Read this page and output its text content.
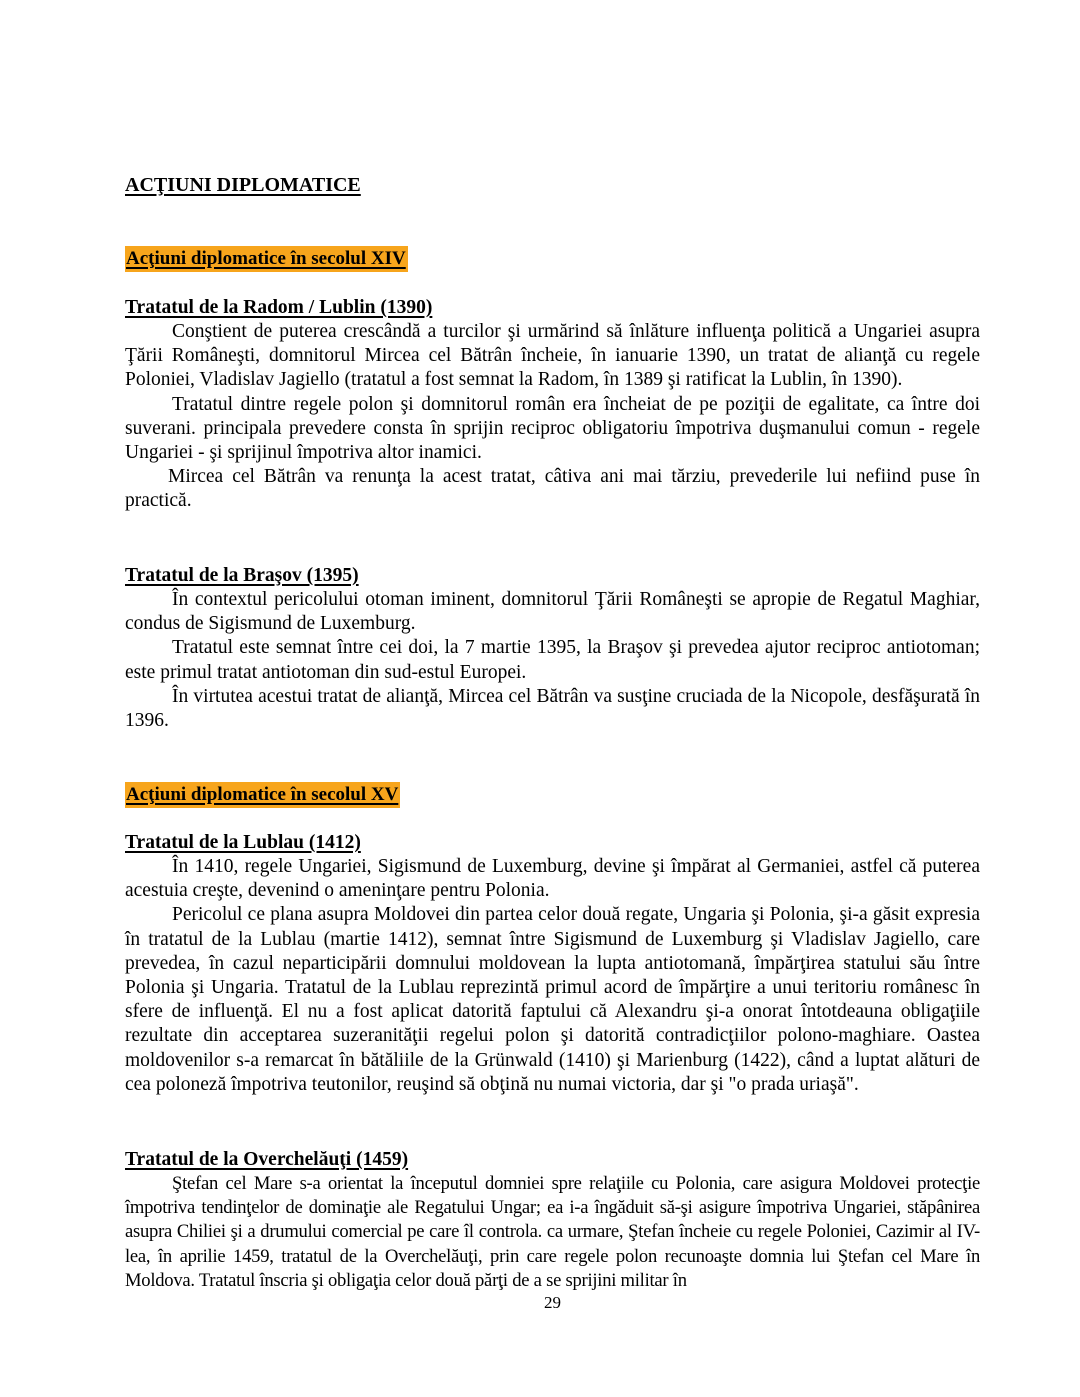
ACŢIUNI DIPLOMATICE
Acţiuni diplomatice în secolul XIV
Tratatul de la Radom / Lublin (1390)

Conştient de puterea crescândă a turcilor şi urmărind să înlăture influenţa politică a Ungariei asupra Ţării Româneşti, domnitorul Mircea cel Bătrân încheie, în ianuarie 1390, un tratat de alianţă cu regele Poloniei, Vladislav Jagiello (tratatul a fost semnat la Radom, în 1389 şi ratificat la Lublin, în 1390).

Tratatul dintre regele polon şi domnitorul român era încheiat de pe poziţii de egalitate, ca între doi suverani. principala prevedere consta în sprijin reciproc obligatoriu împotriva duşmanului comun - regele Ungariei - şi sprijinul împotriva altor inamici.

Mircea cel Bătrân va renunţa la acest tratat, câtiva ani mai tărziu, prevederile lui nefiind puse în practică.

Tratatul de la Braşov (1395)

În contextul pericolului otoman iminent, domnitorul Ţării Româneşti se apropie de Regatul Maghiar, condus de Sigismund de Luxemburg.

Tratatul este semnat între cei doi, la 7 martie 1395, la Braşov şi prevedea ajutor reciproc antiotoman; este primul tratat antiotoman din sud-estul Europei.

În virtutea acestui tratat de alianţă, Mircea cel Bătrân va susţine cruciada de la Nicopole, desfăşurată în 1396.

Acţiuni diplomatice în secolul XV
Tratatul de la Lublau (1412)

În 1410, regele Ungariei, Sigismund de Luxemburg, devine şi împărat al Germaniei, astfel că puterea acestuia creşte, devenind o ameninţare pentru Polonia.

Pericolul ce plana asupra Moldovei din partea celor două regate, Ungaria şi Polonia, şi-a găsit expresia în tratatul de la Lublau (martie 1412), semnat între Sigismund de Luxemburg şi Vladislav Jagiello, care prevedea, în cazul neparticipării domnului moldovean la lupta antiotomană, împărţirea statului său între Polonia şi Ungaria. Tratatul de la Lublau reprezintă primul acord de împărţire a unui teritoriu românesc în sfere de influenţă. El nu a fost aplicat datorită faptului că Alexandru şi-a onorat întotdeauna obligaţiile rezultate din acceptarea suzeranităţii regelui polon şi datorită contradicţiilor polono-maghiare. Oastea moldovenilor s-a remarcat în bătăliile de la Grünwald (1410) şi Marienburg (1422), când a luptat alături de cea poloneză împotriva teutonilor, reuşind să obţină nu numai victoria, dar şi "o prada uriaşă".

Tratatul de la Overchelăuţi (1459)

Ştefan cel Mare s-a orientat la începutul domniei spre relaţiile cu Polonia, care asigura Moldovei protecţie împotriva tendinţelor de dominaţie ale Regatului Ungar; ea i-a îngăduit să-şi asigure împotriva Ungariei, stăpânirea asupra Chiliei şi a drumului comercial pe care îl controla. ca urmare, Ştefan încheie cu regele Poloniei, Cazimir al IV-lea, în aprilie 1459, tratatul de la Overchelăuţi, prin care regele polon recunoaşte domnia lui Ştefan cel Mare în Moldova. Tratatul înscria şi obligaţia celor două părţi de a se sprijini militar în

29
